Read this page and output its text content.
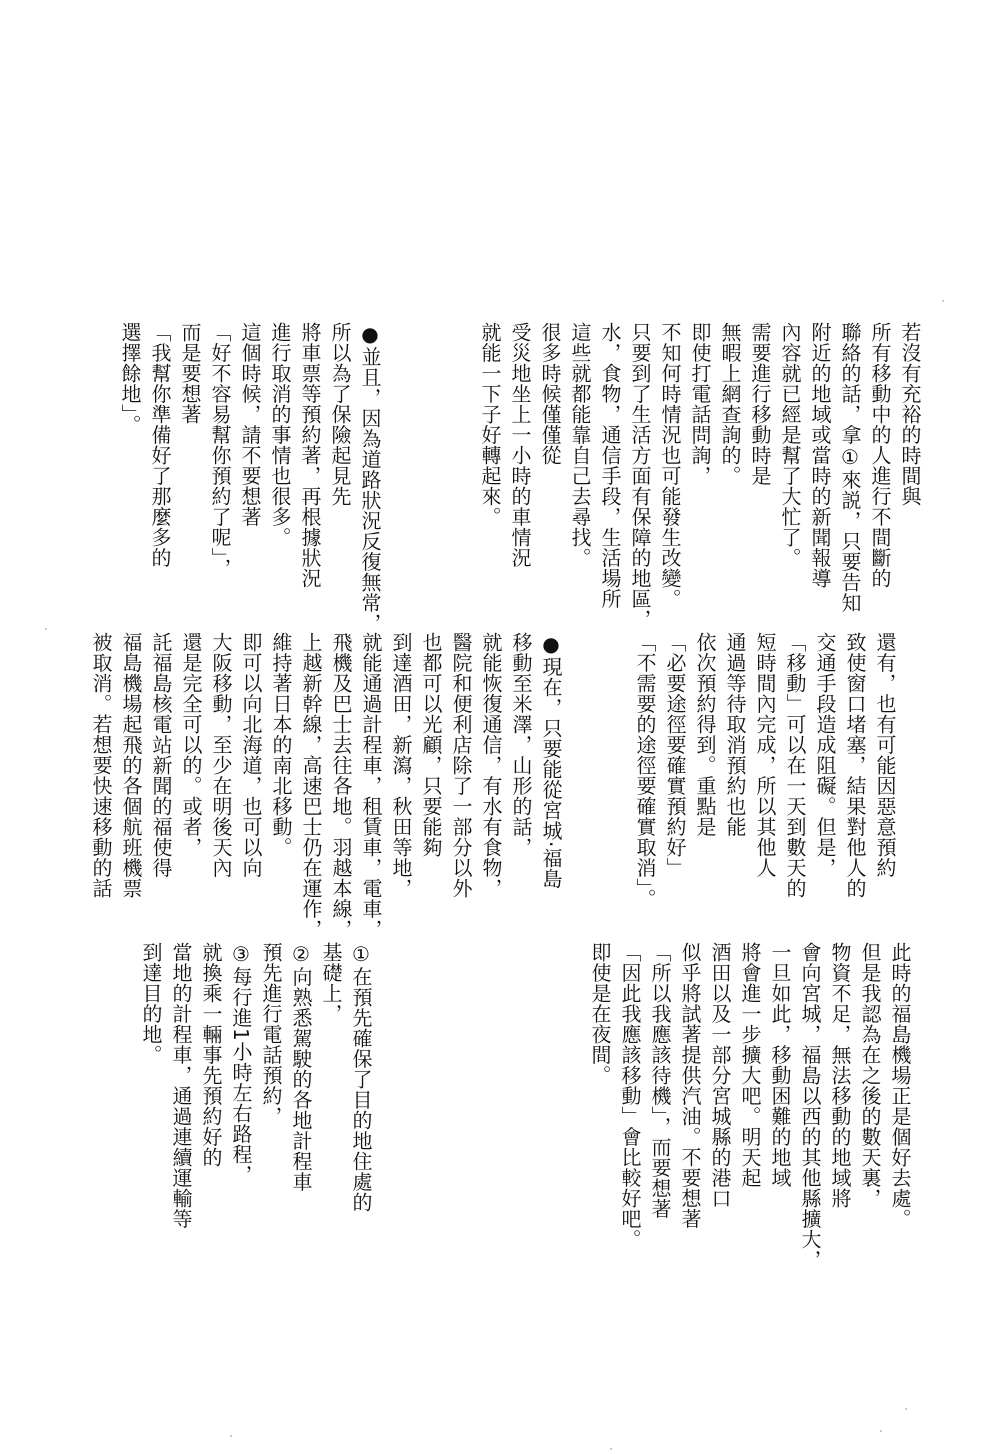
若沒有充裕的時間與
所有移動中的人進行不間斷的
聯絡的話，拿①來説，只要告知
附近的地域或當時的新聞報導
內容就已經是幫了大忙了。
需要進行移動時是
無暇上網查詢的。
即使打電話問詢，
不知何時情況也可能發生改變。
只要到了生活方面有保障的地區，
水，食物，通信手段，生活場所
這些就都能靠自己去尋找。
很多時候僅僅從
受災地坐上一小時的車情況
就能一下子好轉起來。
●並且，因為道路狀況反復無常，
所以為了保險起見先
將車票等預約著，再根據狀況
進行取消的事情也很多。
這個時候，請不要想著
「好不容易幫你預約了呢」，
而是要想著
「我幫你準備好了那麼多的
選擇餘地」。
還有，也有可能因惡意預約
致使窗口堵塞，結果對他人的
交通手段造成阻礙。但是，
「移動」可以在一天到數天的
短時間內完成，所以其他人
通過等待取消預約也能
依次預約得到。重點是
「必要途徑要確實預約好」
「不需要的途徑要確實取消」。
●現在，只要能從宮城·福島
移動至米澤，山形的話，
就能恢復通信，有水有食物，
醫院和便利店除了一部分以外
也都可以光顧，只要能夠
到達酒田，新瀉，秋田等地，
就能通過計程車，租賃車，電車，
飛機及巴士去往各地。羽越本線，
上越新幹線，高速巴士仍在運作，
維持著日本的南北移動。
即可以向北海道，也可以向
大阪移動，至少在明後天內
還是完全可以的。或者，
託福島核電站新聞的福使得
福島機場起飛的各個航班機票
被取消。若想要快速移動的話
此時的福島機場正是個好去處。
但是我認為在之後的數天裏，
物資不足，無法移動的地域將
會向宮城，福島以西的其他縣擴大，
一旦如此，移動困難的地域
將會進一步擴大吧。明天起
酒田以及一部分宮城縣的港口
似乎將試著提供汽油。不要想著
「所以我應該待機」，而要想著
「因此我應該移動」會比較好吧。
即使是在夜間。
①在預先確保了目的地住處的
基礎上，
②向熟悉駕駛的各地計程車
預先進行電話預約，
③每行進1小時左右路程，
就換乘一輛事先預約好的
當地的計程車，通過連續運輸等
到達目的地。
